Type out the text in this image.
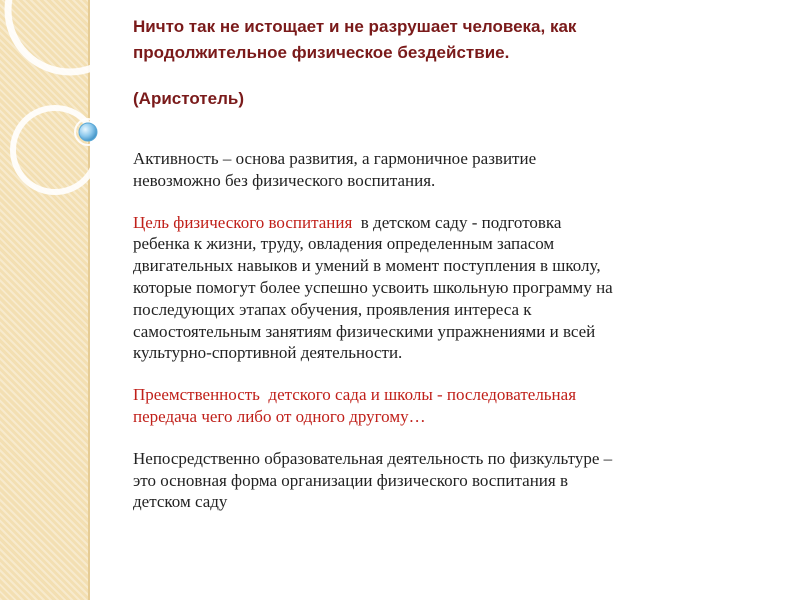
Ничто так не истощает и не разрушает человека, как
продолжительное физическое бездействие.
(Аристотель)
Активность – основа развития, а гармоничное развитие
невозможно без физического воспитания.
Цель физического воспитания  в детском саду - подготовка
ребенка к жизни, труду, овладения определенным запасом
двигательных навыков и умений в момент поступления в школу,
которые помогут более успешно усвоить школьную программу на
последующих этапах обучения, проявления интереса к
самостоятельным занятиям физическими упражнениями и всей
культурно-спортивной деятельности.
Преемственность  детского сада и школы - последовательная
передача чего либо от одного другому…
Непосредственно образовательная деятельность по физкультуре –
это основная форма организации физического воспитания в
детском саду
